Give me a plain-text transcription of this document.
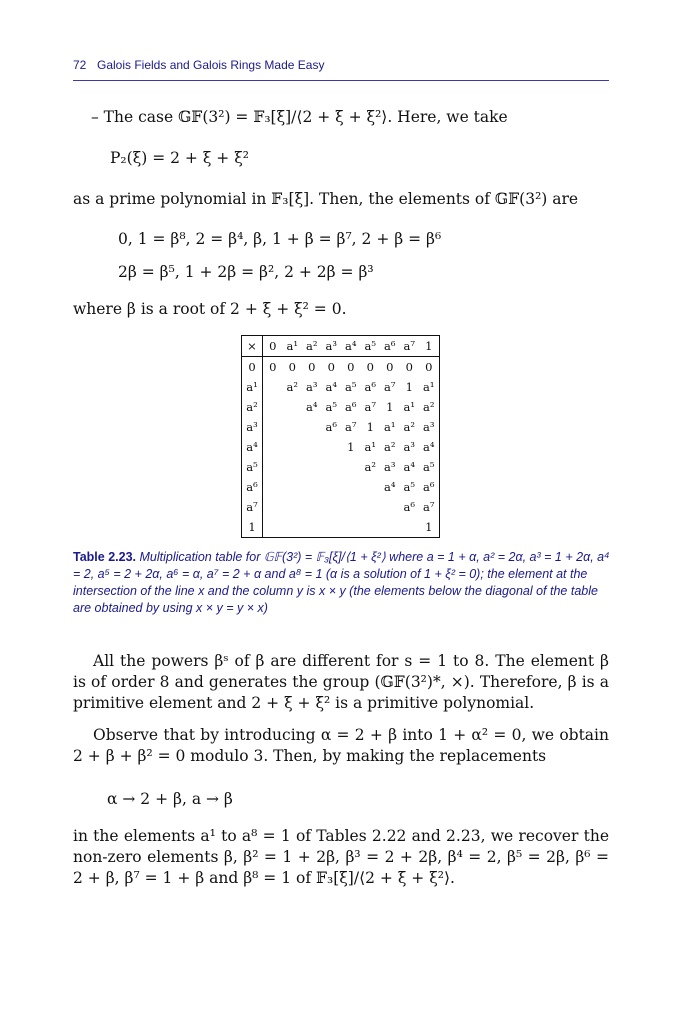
72 Galois Fields and Galois Rings Made Easy
– The case 𝔾𝔽(3²) = 𝔽₃[ξ]/⟨2 + ξ + ξ²⟩. Here, we take
P₂(ξ) = 2 + ξ + ξ²
as a prime polynomial in 𝔽₃[ξ]. Then, the elements of 𝔾𝔽(3²) are
0, 1 = β⁸, 2 = β⁴, β, 1 + β = β⁷, 2 + β = β⁶
2β = β⁵, 1 + 2β = β², 2 + 2β = β³
where β is a root of 2 + ξ + ξ² = 0.
×	0	a¹	a²	a³	a⁴	a⁵	a⁶	a⁷	1
0	0	0	0	0	0	0	0	0	0
a¹		a²	a³	a⁴	a⁵	a⁶	a⁷	1	a¹
a²			a⁴	a⁵	a⁶	a⁷	1	a¹	a²
a³				a⁶	a⁷	1	a¹	a²	a³
a⁴					1	a¹	a²	a³	a⁴
a⁵						a²	a³	a⁴	a⁵
a⁶							a⁴	a⁵	a⁶
a⁷								a⁶	a⁷
1									1
Table 2.23. Multiplication table for 𝔾𝔽(3²) = 𝔽₃[ξ]/⟨1 + ξ²⟩ where a = 1 + α, a² = 2α, a³ = 1 + 2α, a⁴ = 2, a⁵ = 2 + 2α, a⁶ = α, a⁷ = 2 + α and a⁸ = 1 (α is a solution of 1 + ξ² = 0); the element at the intersection of the line x and the column y is x × y (the elements below the diagonal of the table are obtained by using x × y = y × x)
All the powers βˢ of β are different for s = 1 to 8. The element β is of order 8 and generates the group (𝔾𝔽(3²)*, ×). Therefore, β is a primitive element and 2 + ξ + ξ² is a primitive polynomial.
Observe that by introducing α = 2 + β into 1 + α² = 0, we obtain 2 + β + β² = 0 modulo 3. Then, by making the replacements
α → 2 + β, a → β
in the elements a¹ to a⁸ = 1 of Tables 2.22 and 2.23, we recover the non-zero elements β, β² = 1 + 2β, β³ = 2 + 2β, β⁴ = 2, β⁵ = 2β, β⁶ = 2 + β, β⁷ = 1 + β and β⁸ = 1 of 𝔽₃[ξ]/⟨2 + ξ + ξ²⟩.
